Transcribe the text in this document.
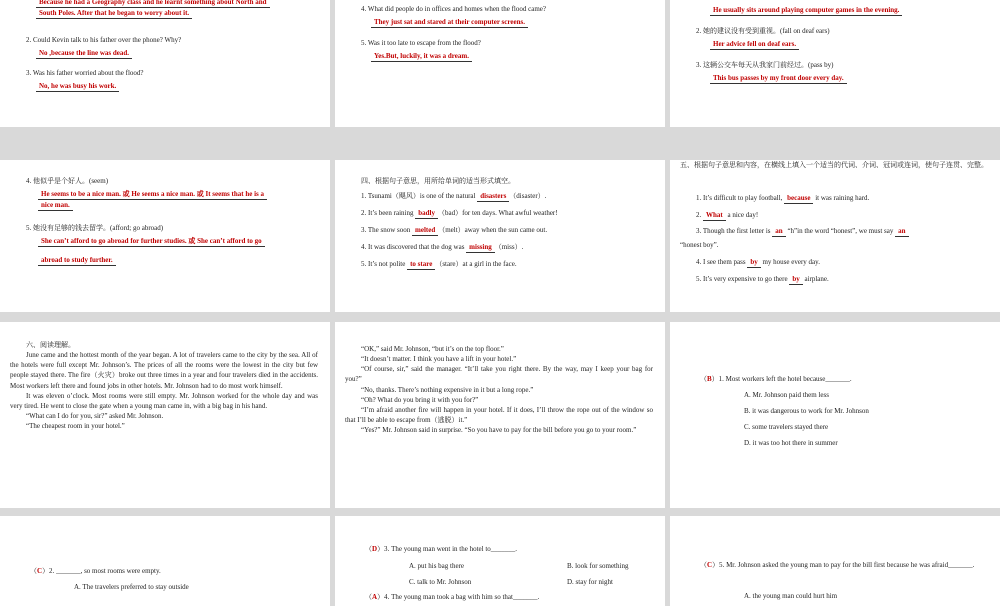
Because he had a Geography class and he learnt something about North and
South Poles. After that he began to worry about it.

2. Could Kevin talk to his father over the phone? Why?

No ,because the line was dead.

3. Was his father worried about the flood?

No, he was busy his work.

4. What did people do in offices and homes when the flood came?

They just sat and stared at their computer screens.

5. Was it too late to escape from the flood?

Yes.But, luckily, it was a dream.
He usually sits around playing computer games in the evening.

2. 她的建议没有受到重视。(fall on deaf ears)

Her advice fell on deaf ears.

3. 这辆公交车每天从我家门前经过。(pass by)

This bus passes by my front door every day.

4. 他似乎是个好人。(seem)

He seems to be a nice man. 或 He seems a nice man. 或 It seems that he is a
nice man.

5. 她没有足够的钱去留学。(afford; go abroad)

She can’t afford to go abroad for further studies. 或 She can’t afford to go
abroad to study further.

四、根据句子意思，用所给单词的适当形式填空。

1. Tsunami（飓风）is one of the natural disasters （disaster）.

2. It’s been raining badly （bad）for ten days. What awful weather!

3. The snow soon melted （melt）away when the sun came out.

4. It was discovered that the dog was missing （miss）.

5. It’s not polite to stare （stare）at a girl in the face.

五、根据句子意思和内容，在横线上填入一个适当的代词、介词、冠词或连词，使句子连贯、完整。

1. It’s difficult to play football, because it was raining hard.

2. What a nice day!

3. Though the first letter is an “h”in the word “honest”, we must say an

“honest boy”.

4. I see them pass by my house every day.

5. It’s very expensive to go there by airplane.

六、阅读理解。

June came and the hottest month of the year began. A lot of travelers came to the city by the sea. All of the hotels were full except Mr. Johnson’s. The prices of all the rooms were the lowest in the city but few people stayed there. The fire（火灾）broke out three times in a year and four travelers died in the accidents. Most workers left there and found jobs in other hotels. Mr. Johnson had to do most work himself.

It was eleven o’clock. Most rooms were still empty. Mr. Johnson worked for the whole day and was very tired. He went to close the gate when a young man came in, with a big bag in his hand.

“What can I do for you, sir?” asked Mr. Johnson.

“The cheapest room in your hotel.”

“OK,” said Mr. Johnson, “but it’s on the top floor.”

“It doesn’t matter. I think you have a lift in your hotel.”

“Of course, sir,” said the manager. “It’ll take you right there. By the way, may I keep your bag for you?”

“No, thanks. There’s nothing expensive in it but a long rope.”

“Oh? What do you bring it with you for?”

“I’m afraid another fire will happen in your hotel. If it does, I’ll throw the rope out of the window so that I’ll be able to escape from（逃脱）it.”

“Yes?” Mr. Johnson said in surprise. “So you have to pay for the bill before you go to your room.”

（B）1. Most workers left the hotel because_______.

A. Mr. Johnson paid them less

B. it was dangerous to work for Mr. Johnson

C. some travelers stayed there

D. it was too hot there in summer

（C）2. _______, so most rooms were empty.

A. The travelers preferred to stay outside

（D）3. The young man went in the hotel to_______.

A. put his bag there	B. look for something

C. talk to Mr. Johnson	D. stay for night

（A）4. The young man took a bag with him so that_______.

（C）5. Mr. Johnson asked the young man to pay for the bill first because he was afraid_______.

A. the young man could hurt him
